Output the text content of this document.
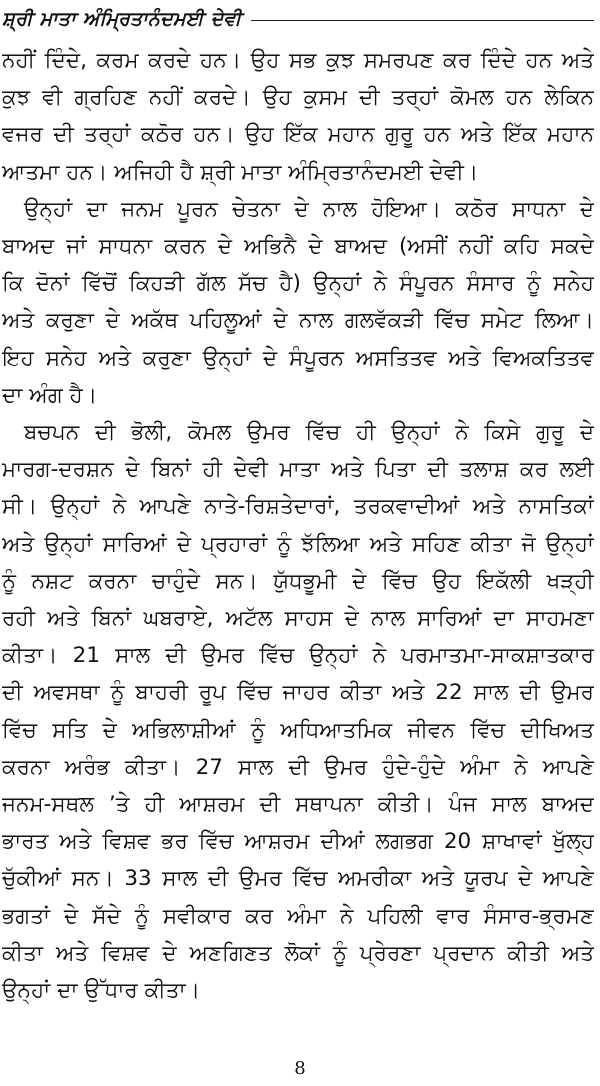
ਸ਼੍ਰੀ ਮਾਤਾ ਅੰਮ੍ਰਿਤਾਨੰਦਮਈ ਦੇਵੀ

ਨਹੀਂ ਦਿੰਦੇ, ਕਰਮ ਕਰਦੇ ਹਨ। ਉਹ ਸਭ ਕੁਝ ਸਮਰਪਣ ਕਰ ਦਿੰਦੇ ਹਨ ਅਤੇ
ਕੁਝ ਵੀ ਗ੍ਰਹਿਣ ਨਹੀਂ ਕਰਦੇ। ਉਹ ਕੁਸਮ ਦੀ ਤਰ੍ਹਾਂ ਕੋਮਲ ਹਨ ਲੇਕਿਨ
ਵਜਰ ਦੀ ਤਰ੍ਹਾਂ ਕਠੋਰ ਹਨ। ਉਹ ਇੱਕ ਮਹਾਨ ਗੁਰੂ ਹਨ ਅਤੇ ਇੱਕ ਮਹਾਨ
ਆਤਮਾ ਹਨ। ਅਜਿਹੀ ਹੈ ਸ਼੍ਰੀ ਮਾਤਾ ਅੰਮ੍ਰਿਤਾਨੰਦਮਈ ਦੇਵੀ।

ਉਨ੍ਹਾਂ ਦਾ ਜਨਮ ਪੂਰਨ ਚੇਤਨਾ ਦੇ ਨਾਲ ਹੋਇਆ। ਕਠੋਰ ਸਾਧਨਾ ਦੇ
ਬਾਅਦ ਜਾਂ ਸਾਧਨਾ ਕਰਨ ਦੇ ਅਭਿਨੈ ਦੇ ਬਾਅਦ (ਅਸੀਂ ਨਹੀਂ ਕਹਿ ਸਕਦੇ
ਕਿ ਦੋਨਾਂ ਵਿੱਚੋਂ ਕਿਹੜੀ ਗੱਲ ਸੱਚ ਹੈ) ਉਨ੍ਹਾਂ ਨੇ ਸੰਪੂਰਨ ਸੰਸਾਰ ਨੂੰ ਸਨੇਹ
ਅਤੇ ਕਰੁਣਾ ਦੇ ਅਕੱਥ ਪਹਿਲੂਆਂ ਦੇ ਨਾਲ ਗਲਵੱਕੜੀ ਵਿੱਚ ਸਮੇਟ ਲਿਆ।
ਇਹ ਸਨੇਹ ਅਤੇ ਕਰੁਣਾ ਉਨ੍ਹਾਂ ਦੇ ਸੰਪੂਰਨ ਅਸਤਿਤਵ ਅਤੇ ਵਿਅਕਤਿਤਵ
ਦਾ ਅੰਗ ਹੈ।

ਬਚਪਨ ਦੀ ਭੋਲੀ, ਕੋਮਲ ਉਮਰ ਵਿੱਚ ਹੀ ਉਨ੍ਹਾਂ ਨੇ ਕਿਸੇ ਗੁਰੂ ਦੇ
ਮਾਰਗ-ਦਰਸ਼ਨ ਦੇ ਬਿਨਾਂ ਹੀ ਦੇਵੀ ਮਾਤਾ ਅਤੇ ਪਿਤਾ ਦੀ ਤਲਾਸ਼ ਕਰ ਲਈ
ਸੀ। ਉਨ੍ਹਾਂ ਨੇ ਆਪਣੇ ਨਾਤੇ-ਰਿਸ਼ਤੇਦਾਰਾਂ, ਤਰਕਵਾਦੀਆਂ ਅਤੇ ਨਾਸਤਿਕਾਂ
ਅਤੇ ਉਨ੍ਹਾਂ ਸਾਰਿਆਂ ਦੇ ਪ੍ਰਹਾਰਾਂ ਨੂੰ ਝੱਲਿਆ ਅਤੇ ਸਹਿਣ ਕੀਤਾ ਜੋ ਉਨ੍ਹਾਂ
ਨੂੰ ਨਸ਼ਟ ਕਰਨਾ ਚਾਹੁੰਦੇ ਸਨ। ਯੁੱਧਭੂਮੀ ਦੇ ਵਿੱਚ ਉਹ ਇਕੱਲੀ ਖੜ੍ਹੀ
ਰਹੀ ਅਤੇ ਬਿਨਾਂ ਘਬਰਾਏ, ਅਟੱਲ ਸਾਹਸ ਦੇ ਨਾਲ ਸਾਰਿਆਂ ਦਾ ਸਾਹਮਣਾ
ਕੀਤਾ। 21 ਸਾਲ ਦੀ ਉਮਰ ਵਿੱਚ ਉਨ੍ਹਾਂ ਨੇ ਪਰਮਾਤਮਾ-ਸਾਕਸ਼ਾਤਕਾਰ
ਦੀ ਅਵਸਥਾ ਨੂੰ ਬਾਹਰੀ ਰੂਪ ਵਿੱਚ ਜਾਹਰ ਕੀਤਾ ਅਤੇ 22 ਸਾਲ ਦੀ ਉਮਰ
ਵਿੱਚ ਸਤਿ ਦੇ ਅਭਿਲਾਸ਼ੀਆਂ ਨੂੰ ਅਧਿਆਤਮਿਕ ਜੀਵਨ ਵਿੱਚ ਦੀਖਿਅਤ
ਕਰਨਾ ਅਰੰਭ ਕੀਤਾ। 27 ਸਾਲ ਦੀ ਉਮਰ ਹੁੰਦੇ-ਹੁੰਦੇ ਅੰਮਾ ਨੇ ਆਪਣੇ
ਜਨਮ-ਸਥਲ ’ਤੇ ਹੀ ਆਸ਼ਰਮ ਦੀ ਸਥਾਪਨਾ ਕੀਤੀ। ਪੰਜ ਸਾਲ ਬਾਅਦ
ਭਾਰਤ ਅਤੇ ਵਿਸ਼ਵ ਭਰ ਵਿੱਚ ਆਸ਼ਰਮ ਦੀਆਂ ਲਗਭਗ 20 ਸ਼ਾਖਾਵਾਂ ਖੁੱਲ੍ਹ
ਚੁੱਕੀਆਂ ਸਨ। 33 ਸਾਲ ਦੀ ਉਮਰ ਵਿੱਚ ਅਮਰੀਕਾ ਅਤੇ ਯੂਰਪ ਦੇ ਆਪਣੇ
ਭਗਤਾਂ ਦੇ ਸੱਦੇ ਨੂੰ ਸਵੀਕਾਰ ਕਰ ਅੰਮਾ ਨੇ ਪਹਿਲੀ ਵਾਰ ਸੰਸਾਰ-ਭ੍ਰਮਣ
ਕੀਤਾ ਅਤੇ ਵਿਸ਼ਵ ਦੇ ਅਣਗਿਣਤ ਲੋਕਾਂ ਨੂੰ ਪ੍ਰੇਰਣਾ ਪ੍ਰਦਾਨ ਕੀਤੀ ਅਤੇ
ਉਨ੍ਹਾਂ ਦਾ ਉੱਧਾਰ ਕੀਤਾ।

8
